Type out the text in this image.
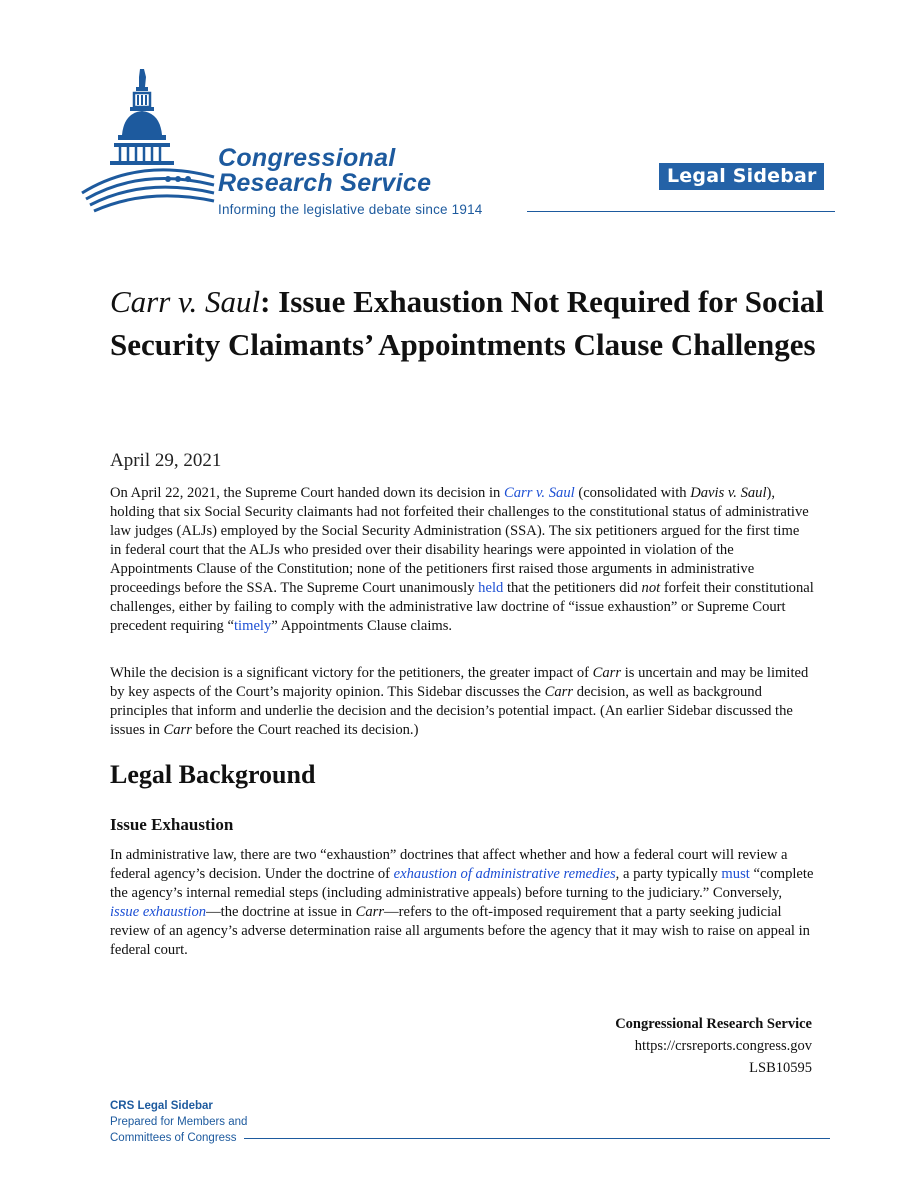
Congressional
Research Service
Informing the legislative debate since 1914
Legal Sidebar
Carr v. Saul: Issue Exhaustion Not Required for Social Security Claimants’ Appointments Clause Challenges
April 29, 2021

On April 22, 2021, the Supreme Court handed down its decision in Carr v. Saul (consolidated with Davis v. Saul), holding that six Social Security claimants had not forfeited their challenges to the constitutional status of administrative law judges (ALJs) employed by the Social Security Administration (SSA). The six petitioners argued for the first time in federal court that the ALJs who presided over their disability hearings were appointed in violation of the Appointments Clause of the Constitution; none of the petitioners first raised those arguments in administrative proceedings before the SSA. The Supreme Court unanimously held that the petitioners did not forfeit their constitutional challenges, either by failing to comply with the administrative law doctrine of “issue exhaustion” or Supreme Court precedent requiring “timely” Appointments Clause claims.

While the decision is a significant victory for the petitioners, the greater impact of Carr is uncertain and may be limited by key aspects of the Court’s majority opinion. This Sidebar discusses the Carr decision, as well as background principles that inform and underlie the decision and the decision’s potential impact. (An earlier Sidebar discussed the issues in Carr before the Court reached its decision.)

Legal Background
Issue Exhaustion

In administrative law, there are two “exhaustion” doctrines that affect whether and how a federal court will review a federal agency’s decision. Under the doctrine of exhaustion of administrative remedies, a party typically must “complete the agency’s internal remedial steps (including administrative appeals) before turning to the judiciary.” Conversely, issue exhaustion—the doctrine at issue in Carr—refers to the oft-imposed requirement that a party seeking judicial review of an agency’s adverse determination raise all arguments before the agency that it may wish to raise on appeal in federal court.

Congressional Research Service
https://crsreports.congress.gov
LSB10595
CRS Legal Sidebar
Prepared for Members and
Committees of Congress
